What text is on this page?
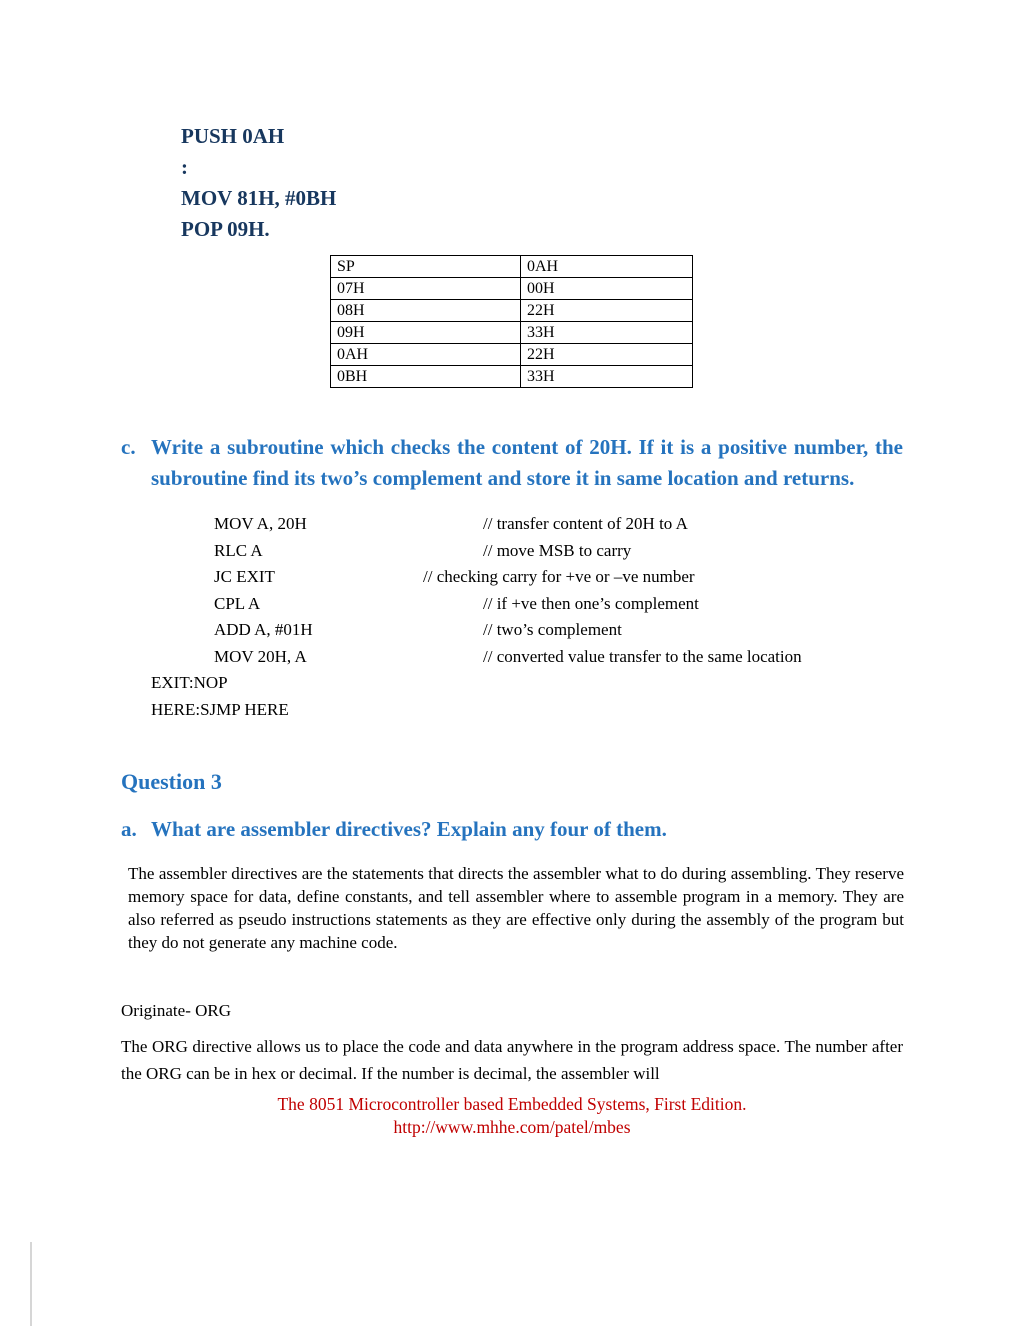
PUSH 0AH
:
MOV 81H, #0BH
POP 09H.
SP	0AH
07H	00H
08H	22H
09H	33H
0AH	22H
0BH	33H
c. Write a subroutine which checks the content of 20H. If it is a positive number, the subroutine find its two’s complement and store it in same location and returns.
MOV A, 20H	// transfer content of 20H to A
RLC A	// move MSB to carry
JC EXIT	// checking carry for +ve or –ve number
CPL A	// if +ve then one’s complement
ADD A, #01H	// two’s complement
MOV 20H, A	// converted value transfer to the same location
EXIT:NOP
HERE:SJMP HERE
Question 3
a. What are assembler directives? Explain any four of them.
The assembler directives are the statements that directs the assembler what to do during assembling. They reserve memory space for data, define constants, and tell assembler where to assemble program in a memory. They are also referred as pseudo instructions statements as they are effective only during the assembly of the program but they do not generate any machine code.
Originate- ORG
The ORG directive allows us to place the code and data anywhere in the program address space. The number after the ORG can be in hex or decimal. If the number is decimal, the assembler will
The 8051 Microcontroller based Embedded Systems, First Edition.
http://www.mhhe.com/patel/mbes
